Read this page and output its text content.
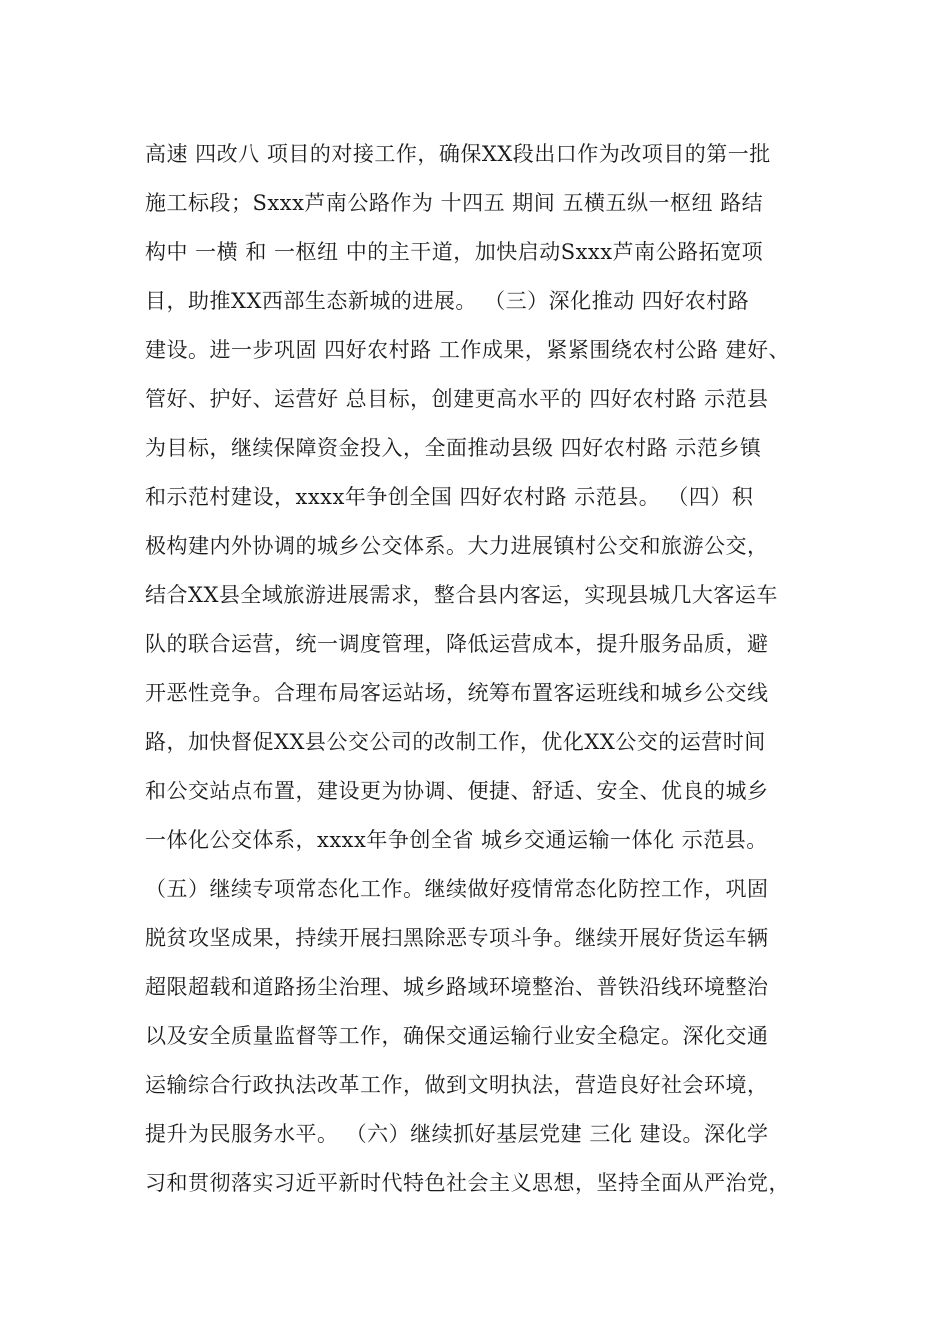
高速 四改八 项目的对接工作，确保XX段出口作为改项目的第一批
施工标段；Sxxx芦南公路作为 十四五 期间 五横五纵一枢纽 路结
构中 一横 和 一枢纽 中的主干道，加快启动Sxxx芦南公路拓宽项
目，助推XX西部生态新城的进展。 （三）深化推动 四好农村路
建设。进一步巩固 四好农村路 工作成果，紧紧围绕农村公路 建好、
管好、护好、运营好 总目标，创建更高水平的 四好农村路 示范县
为目标，继续保障资金投入，全面推动县级 四好农村路 示范乡镇
和示范村建设，xxxx年争创全国 四好农村路 示范县。 （四）积
极构建内外协调的城乡公交体系。大力进展镇村公交和旅游公交，
结合XX县全域旅游进展需求，整合县内客运，实现县城几大客运车
队的联合运营，统一调度管理，降低运营成本，提升服务品质，避
开恶性竞争。合理布局客运站场，统筹布置客运班线和城乡公交线
路，加快督促XX县公交公司的改制工作，优化XX公交的运营时间
和公交站点布置，建设更为协调、便捷、舒适、安全、优良的城乡
一体化公交体系，xxxx年争创全省 城乡交通运输一体化 示范县。
（五）继续专项常态化工作。继续做好疫情常态化防控工作，巩固
脱贫攻坚成果，持续开展扫黑除恶专项斗争。继续开展好货运车辆
超限超载和道路扬尘治理、城乡路域环境整治、普铁沿线环境整治
以及安全质量监督等工作，确保交通运输行业安全稳定。深化交通
运输综合行政执法改革工作，做到文明执法，营造良好社会环境，
提升为民服务水平。 （六）继续抓好基层党建 三化 建设。深化学
习和贯彻落实习近平新时代特色社会主义思想，坚持全面从严治党，
